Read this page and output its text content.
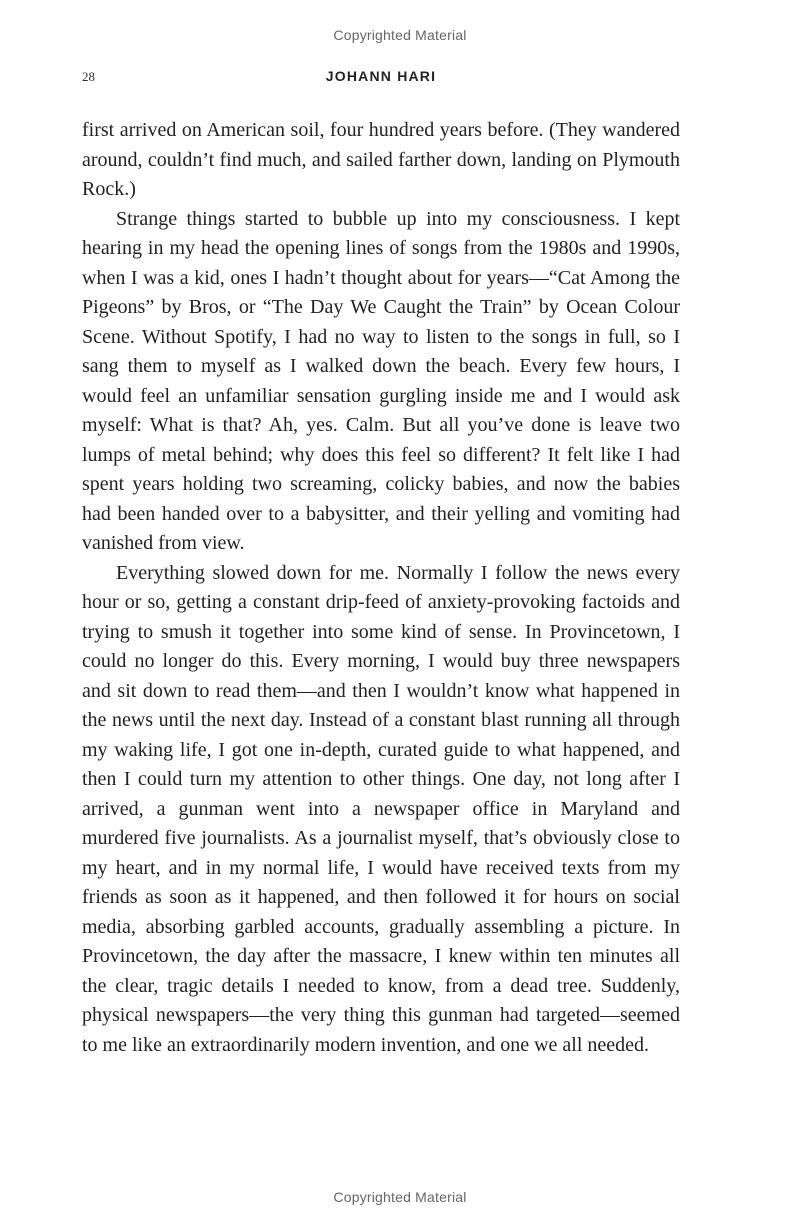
Copyrighted Material
28	JOHANN HARI

first arrived on American soil, four hundred years before. (They wandered around, couldn’t find much, and sailed farther down, landing on Plymouth Rock.)

Strange things started to bubble up into my consciousness. I kept hearing in my head the opening lines of songs from the 1980s and 1990s, when I was a kid, ones I hadn’t thought about for years—“Cat Among the Pigeons” by Bros, or “The Day We Caught the Train” by Ocean Colour Scene. Without Spotify, I had no way to listen to the songs in full, so I sang them to myself as I walked down the beach. Every few hours, I would feel an unfamiliar sensation gurgling inside me and I would ask myself: What is that? Ah, yes. Calm. But all you’ve done is leave two lumps of metal behind; why does this feel so different? It felt like I had spent years holding two screaming, colicky babies, and now the babies had been handed over to a babysitter, and their yelling and vomiting had vanished from view.

Everything slowed down for me. Normally I follow the news every hour or so, getting a constant drip-feed of anxiety-provoking factoids and trying to smush it together into some kind of sense. In Provincetown, I could no longer do this. Every morning, I would buy three newspapers and sit down to read them—and then I wouldn’t know what happened in the news until the next day. Instead of a constant blast running all through my waking life, I got one in-depth, curated guide to what happened, and then I could turn my attention to other things. One day, not long after I arrived, a gunman went into a newspaper office in Maryland and murdered five journalists. As a journalist myself, that’s obviously close to my heart, and in my normal life, I would have received texts from my friends as soon as it happened, and then followed it for hours on social media, absorbing garbled accounts, gradually assembling a picture. In Provincetown, the day after the massacre, I knew within ten minutes all the clear, tragic details I needed to know, from a dead tree. Suddenly, physical newspapers—the very thing this gunman had targeted—seemed to me like an extraordinarily modern invention, and one we all needed.

Copyrighted Material
